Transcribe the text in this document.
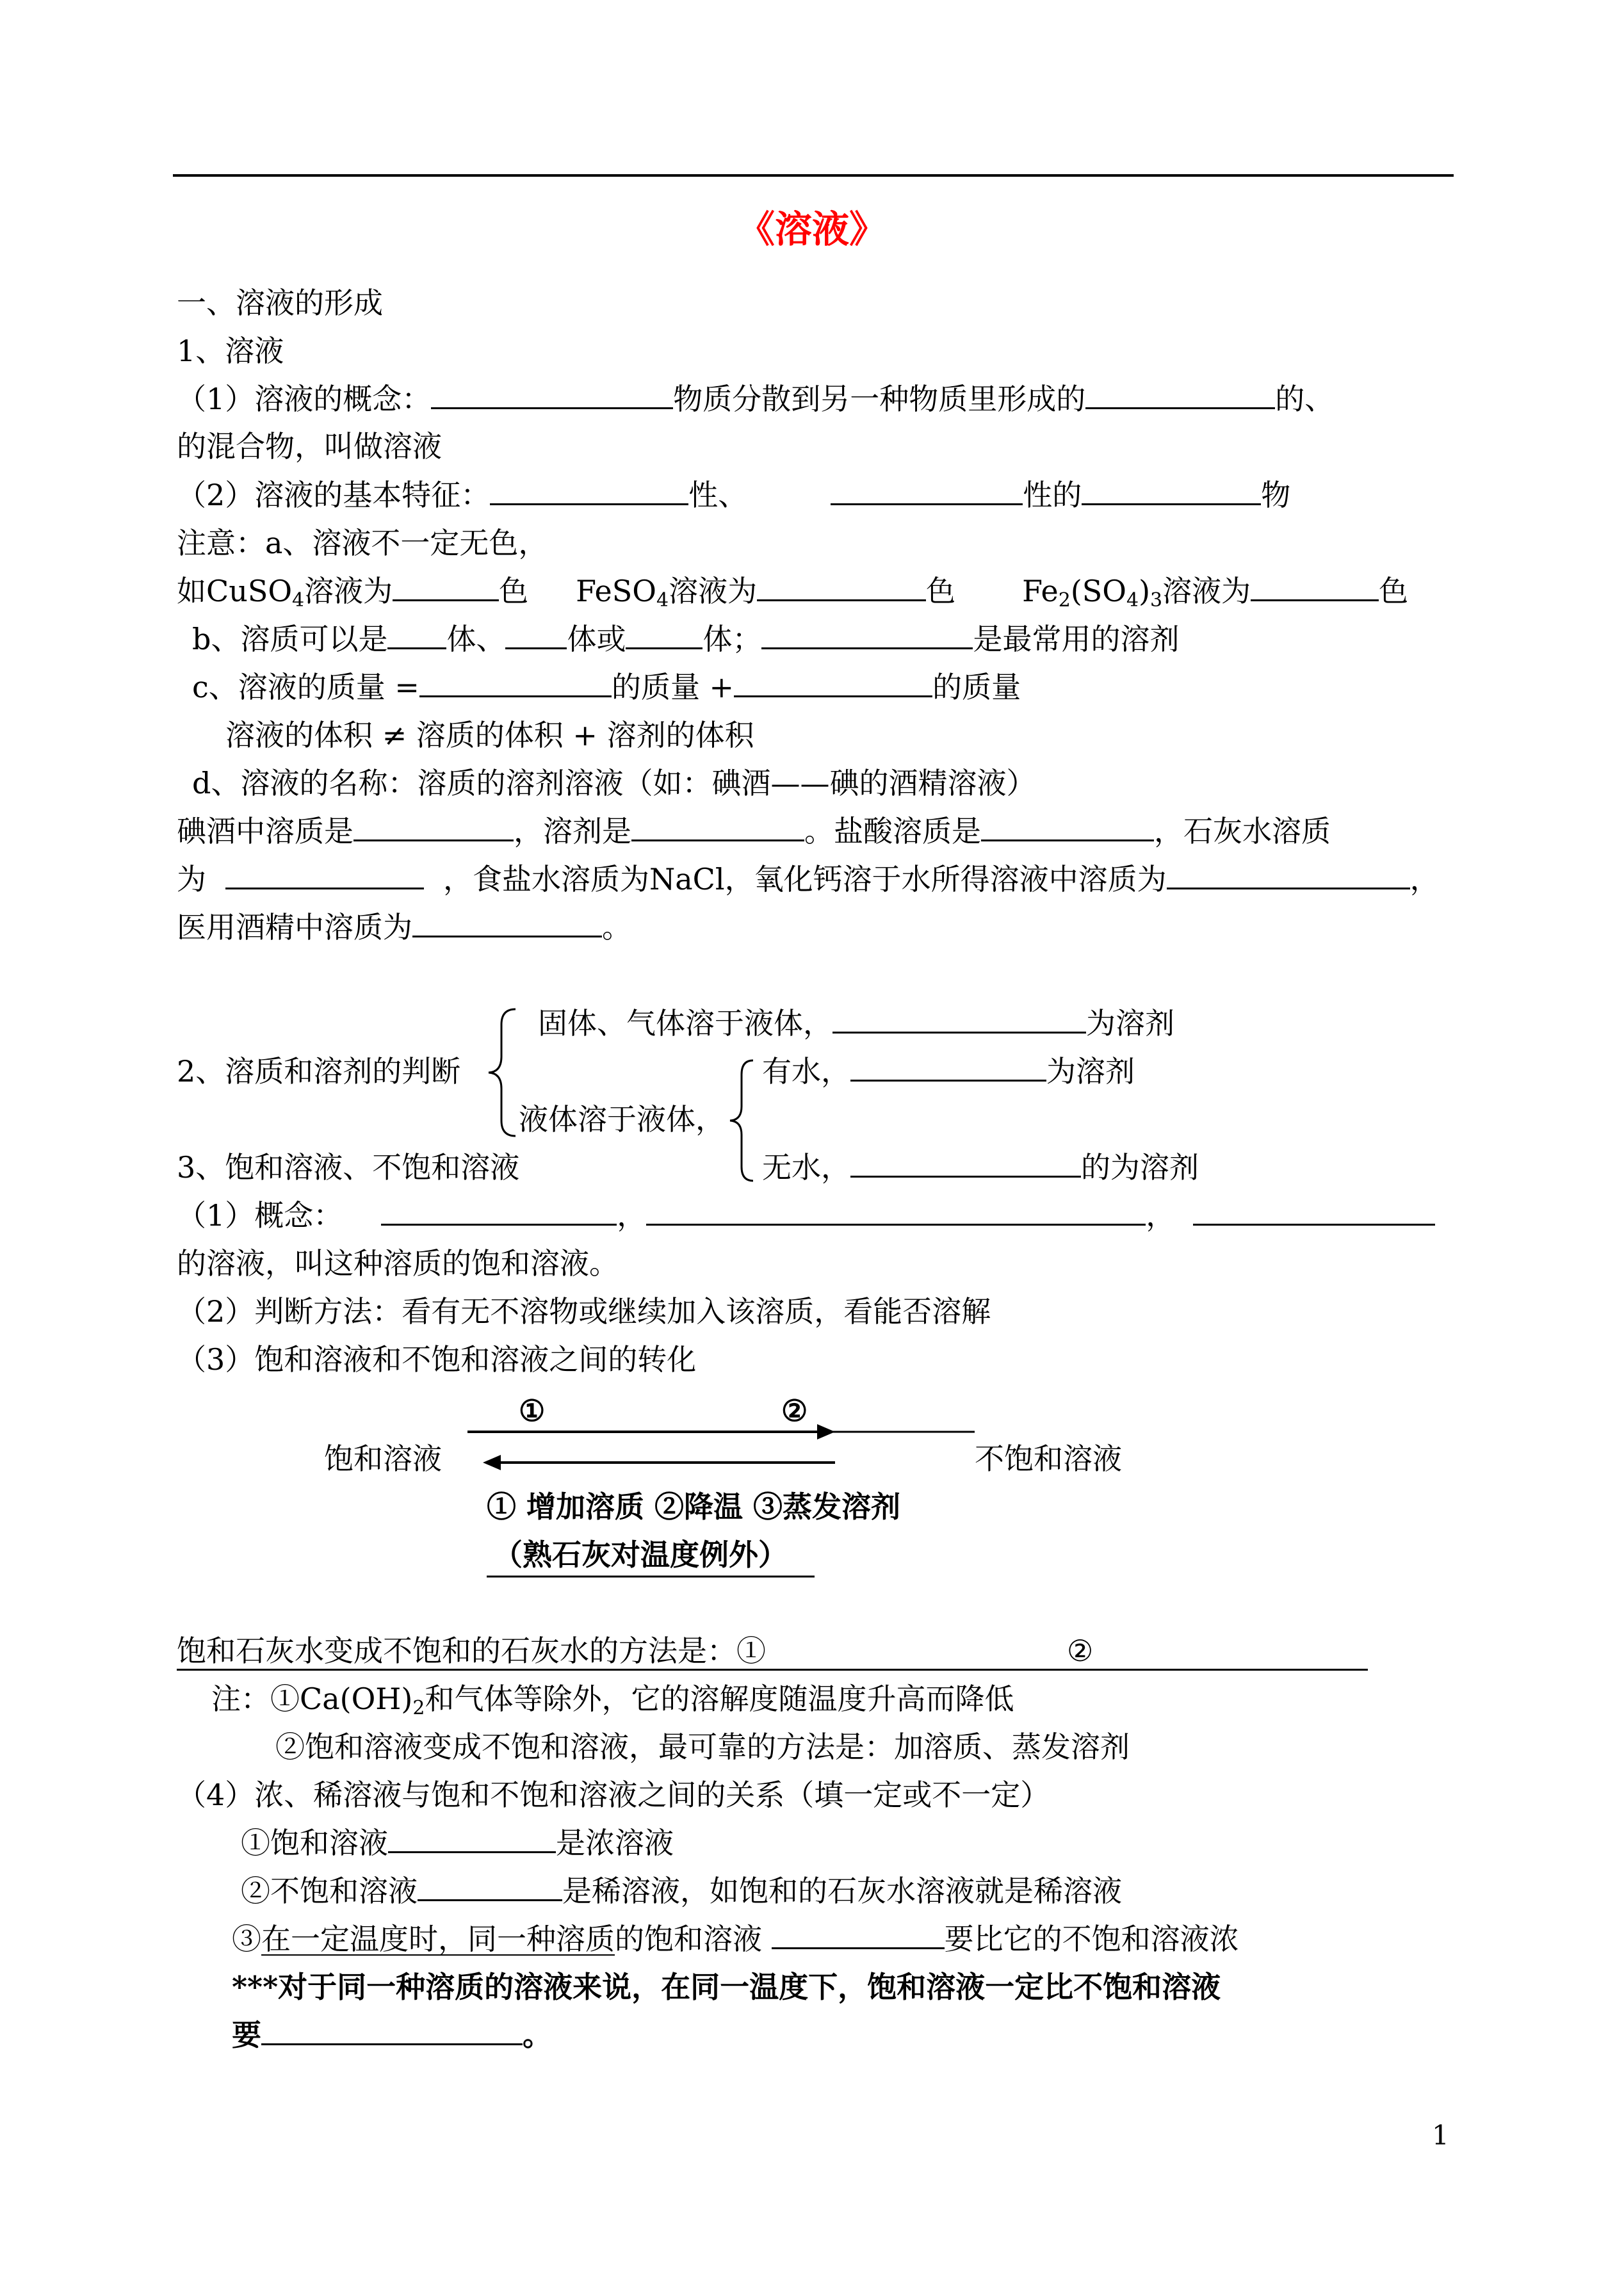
《溶液》
一、溶液的形成
1、溶液
（1）溶液的概念：	物质分散到另一种物质里形成的	的、
的混合物，叫做溶液
（2）溶液的基本特征：	性、	性的	物
注意：a、溶液不一定无色，
如CuSO$_4$溶液为	色 FeSO$_4$溶液为	色 $Fe_2(SO_4)_3$溶液为	色
b、溶质可以是 体、 体或	体；	是最常用的溶剂
c、溶液的质量 =	的质量 +	的质量
溶液的体积 ≠ 溶质的体积 + 溶剂的体积
d、溶液的名称：溶质的溶剂溶液（如：碘酒——碘的酒精溶液）
碘酒中溶质是	，溶剂是	。盐酸溶质是	，石灰水溶质
为	，食盐水溶质为NaCl，氧化钙溶于水所得溶液中溶质为	，
医用酒精中溶质为	。
2、溶质和溶剂的判断
固体、气体溶于液体，	为溶剂
液体溶于液体，
有水，	为溶剂
3、饱和溶液、不饱和溶液	无水，	的为溶剂
（1）概念：	，	，
的溶液，叫这种溶质的饱和溶液。
（2）判断方法：看有无不溶物或继续加入该溶质，看能否溶解
（3）饱和溶液和不饱和溶液之间的转化
①	②
饱和溶液	不饱和溶液
① 增加溶质 ②降温 ③蒸发溶剂
（熟石灰对温度例外）
饱和石灰水变成不饱和的石灰水的方法是：①	②
注：$①Ca(OH)_2$和气体等除外，它的溶解度随温度升高而降低
②饱和溶液变成不饱和溶液，最可靠的方法是：加溶质、蒸发溶剂
（4）浓、稀溶液与饱和不饱和溶液之间的关系（填一定或不一定）
①饱和溶液	是浓溶液
②不饱和溶液	是稀溶液，如饱和的石灰水溶液就是稀溶液
③在一定温度时，同一种溶质的饱和溶液	要比它的不饱和溶液浓
***对于同一种溶质的溶液来说，在同一温度下，饱和溶液一定比不饱和溶液
要	。
1
